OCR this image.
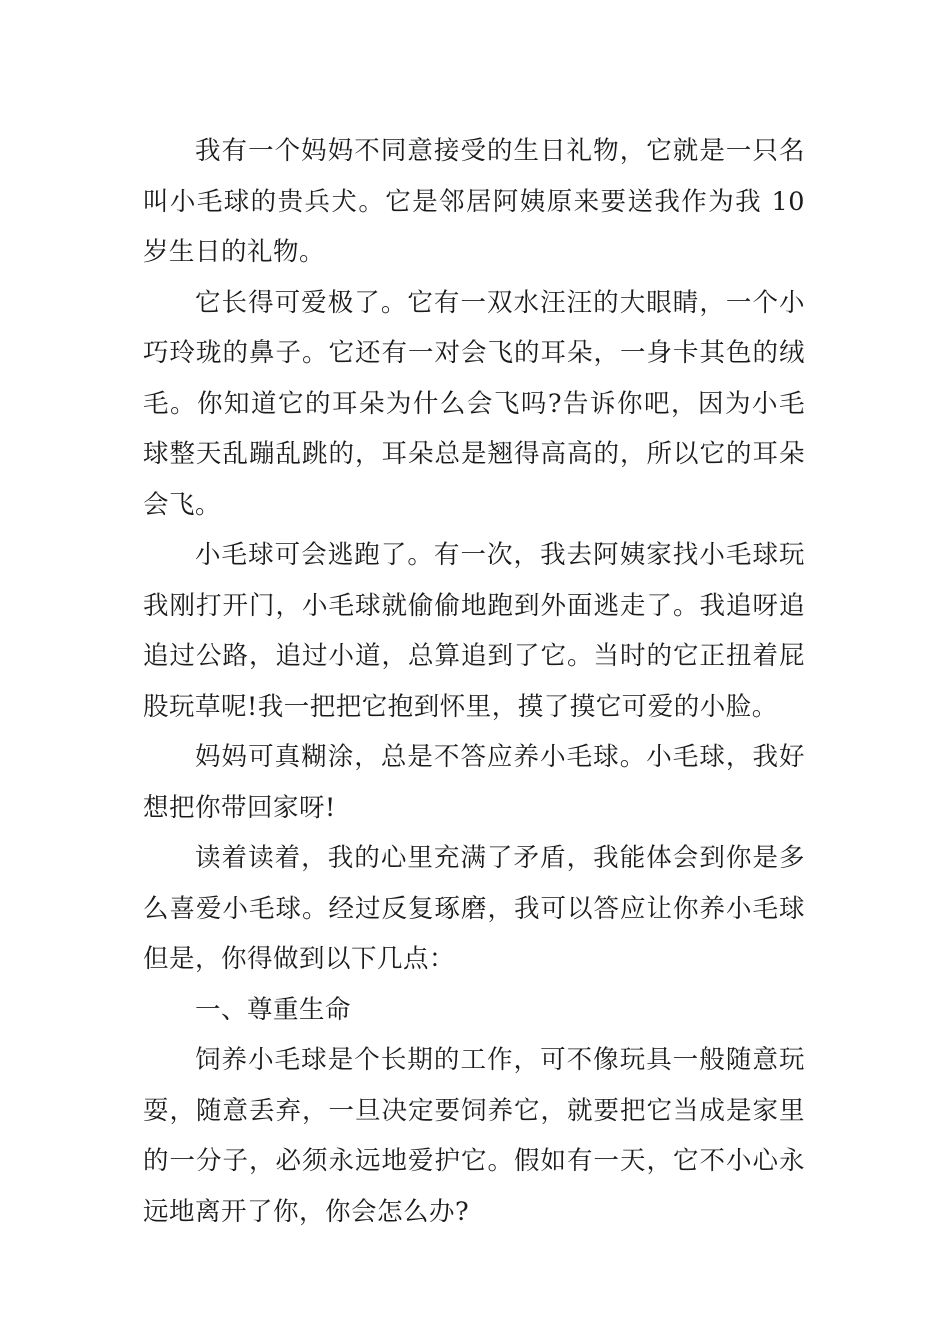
我有一个妈妈不同意接受的生日礼物，它就是一只名叫小毛球的贵兵犬。它是邻居阿姨原来要送我作为我 10 岁生日的礼物。

它长得可爱极了。它有一双水汪汪的大眼睛，一个小巧玲珑的鼻子。它还有一对会飞的耳朵，一身卡其色的绒毛。你知道它的耳朵为什么会飞吗?告诉你吧，因为小毛球整天乱蹦乱跳的，耳朵总是翘得高高的，所以它的耳朵会飞。

小毛球可会逃跑了。有一次，我去阿姨家找小毛球玩我刚打开门，小毛球就偷偷地跑到外面逃走了。我追呀追追过公路，追过小道，总算追到了它。当时的它正扭着屁股玩草呢!我一把把它抱到怀里，摸了摸它可爱的小脸。

妈妈可真糊涂，总是不答应养小毛球。小毛球，我好想把你带回家呀!

读着读着，我的心里充满了矛盾，我能体会到你是多么喜爱小毛球。经过反复琢磨，我可以答应让你养小毛球但是，你得做到以下几点：

一、尊重生命

饲养小毛球是个长期的工作，可不像玩具一般随意玩耍，随意丢弃，一旦决定要饲养它，就要把它当成是家里的一分子，必须永远地爱护它。假如有一天，它不小心永远地离开了你，你会怎么办?
